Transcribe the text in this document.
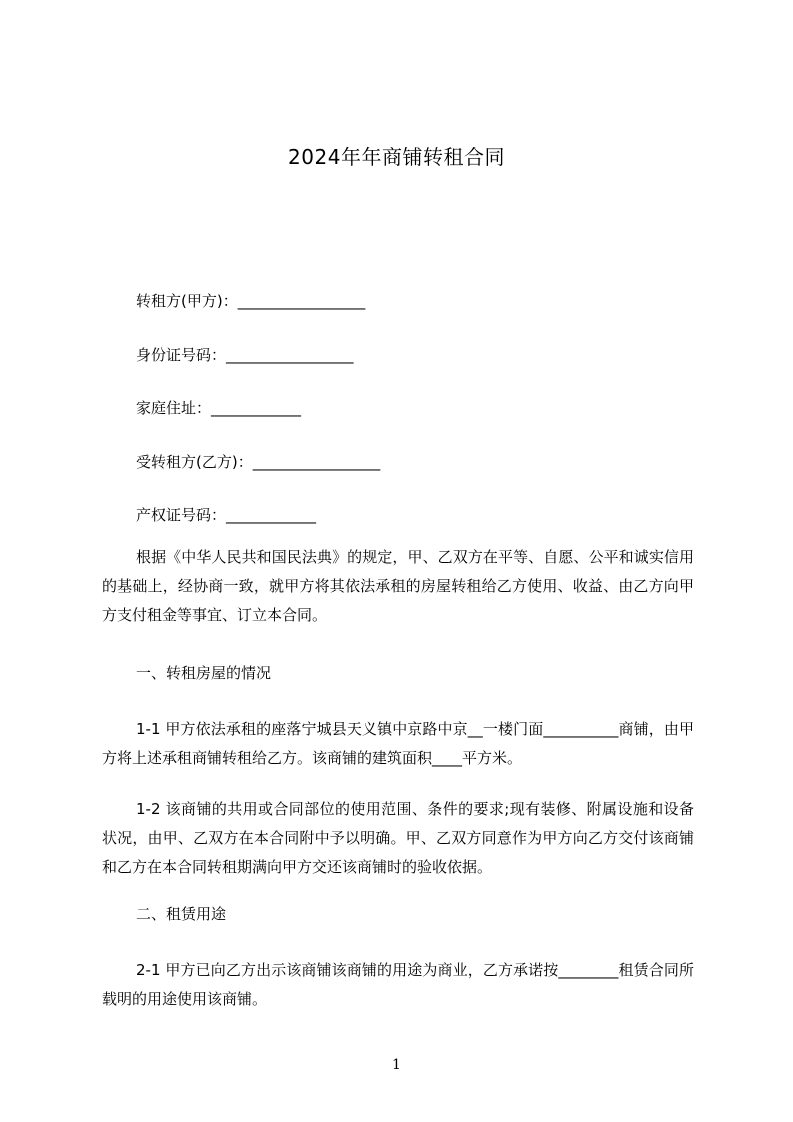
2024年年商铺转租合同
转租方(甲方)：_________________
身份证号码：_________________
家庭住址：____________
受转租方(乙方)：_________________
产权证号码：____________
根据《中华人民共和国民法典》的规定，甲、乙双方在平等、自愿、公平和诚实信用的基础上，经协商一致，就甲方将其依法承租的房屋转租给乙方使用、收益、由乙方向甲方支付租金等事宜、订立本合同。
一、转租房屋的情况
1-1 甲方依法承租的座落宁城县天义镇中京路中京__一楼门面__________商铺，由甲方将上述承租商铺转租给乙方。该商铺的建筑面积____平方米。
1-2 该商铺的共用或合同部位的使用范围、条件的要求;现有装修、附属设施和设备状况，由甲、乙双方在本合同附中予以明确。甲、乙双方同意作为甲方向乙方交付该商铺和乙方在本合同转租期满向甲方交还该商铺时的验收依据。
二、租赁用途
2-1 甲方已向乙方出示该商铺该商铺的用途为商业，乙方承诺按________租赁合同所载明的用途使用该商铺。
1
